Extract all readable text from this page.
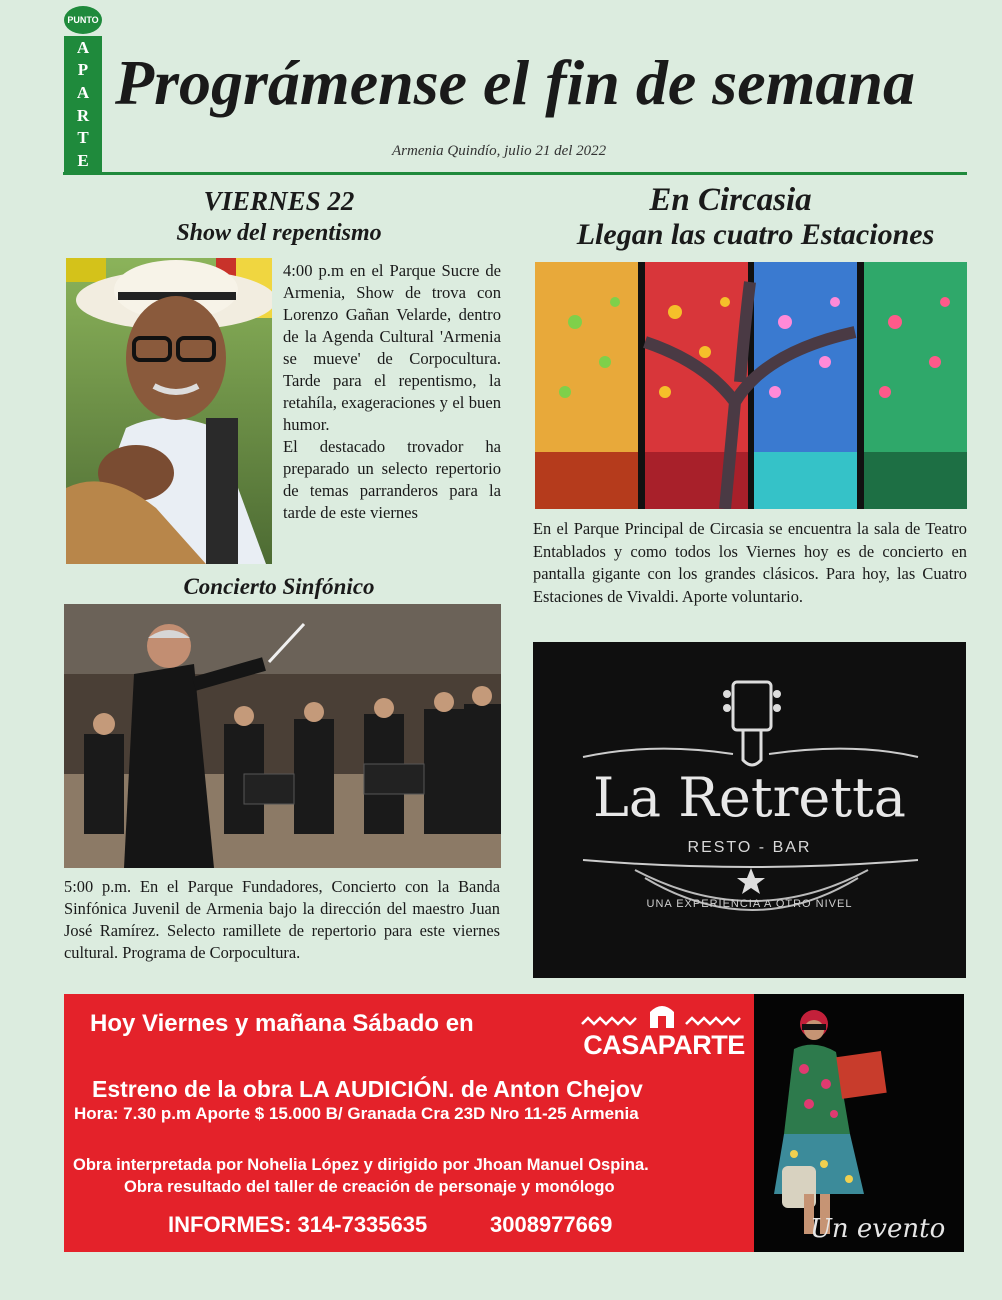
PUNTO
A
P
A
R
T
E
Prográmense el fin de semana
Armenia Quindío, julio 21 del 2022
VIERNES 22
Show del repentismo

4:00 p.m en el Parque Sucre de Armenia, Show de trova con Lorenzo Gañan Velarde, dentro de la Agenda Cultural 'Armenia se mueve' de Corpocultura. Tarde para el repentismo, la retahíla, exageraciones y el buen humor.

El destacado trovador ha preparado un selecto repertorio de temas parranderos para la tarde de este viernes

Concierto Sinfónico
5:00 p.m. En el Parque Fundadores, Concierto con la Banda Sinfónica Juvenil de Armenia bajo la dirección del maestro Juan José Ramírez. Selecto ramillete de repertorio para este viernes cultural. Programa de Corpocultura.
En Circasia
Llegan las cuatro Estaciones
En el Parque Principal de Circasia se encuentra la sala de Teatro Entablados y como todos los Viernes hoy es de concierto en pantalla gigante con los grandes clásicos. Para hoy, las Cuatro Estaciones de Vivaldi. Aporte voluntario.
La Retretta
RESTO - BAR
UNA EXPERIENCIA A OTRO NIVEL
Hoy Viernes y mañana Sábado en
CASAPARTE
Estreno de la obra LA AUDICIÓN. de Anton Chejov
Hora: 7.30 p.m Aporte $ 15.000 B/ Granada Cra 23D Nro 11-25 Armenia
Obra interpretada por Nohelia López y dirigido por Jhoan Manuel Ospina.
Obra resultado del taller de creación de personaje y monólogo
INFORMES: 314-7335635	3008977669	Un evento
